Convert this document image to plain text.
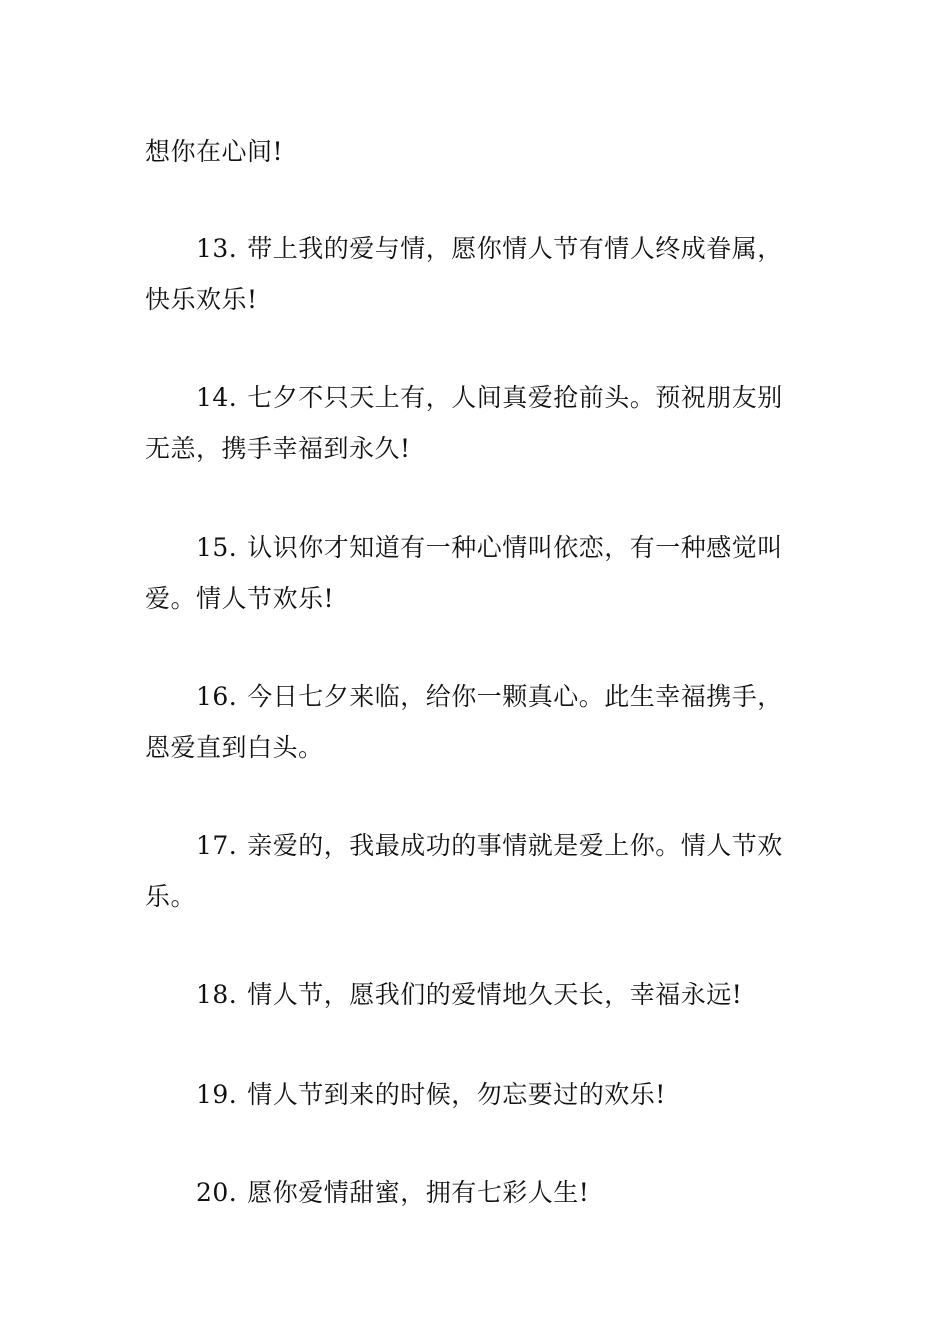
想你在心间!
13. 带上我的爱与情，愿你情人节有情人终成眷属，
快乐欢乐!
14. 七夕不只天上有，人间真爱抢前头。预祝朋友别
无恙，携手幸福到永久!
15. 认识你才知道有一种心情叫依恋，有一种感觉叫
爱。情人节欢乐!
16. 今日七夕来临，给你一颗真心。此生幸福携手，
恩爱直到白头。
17. 亲爱的，我最成功的事情就是爱上你。情人节欢
乐。
18. 情人节，愿我们的爱情地久天长，幸福永远!
19. 情人节到来的时候，勿忘要过的欢乐!
20. 愿你爱情甜蜜，拥有七彩人生!
